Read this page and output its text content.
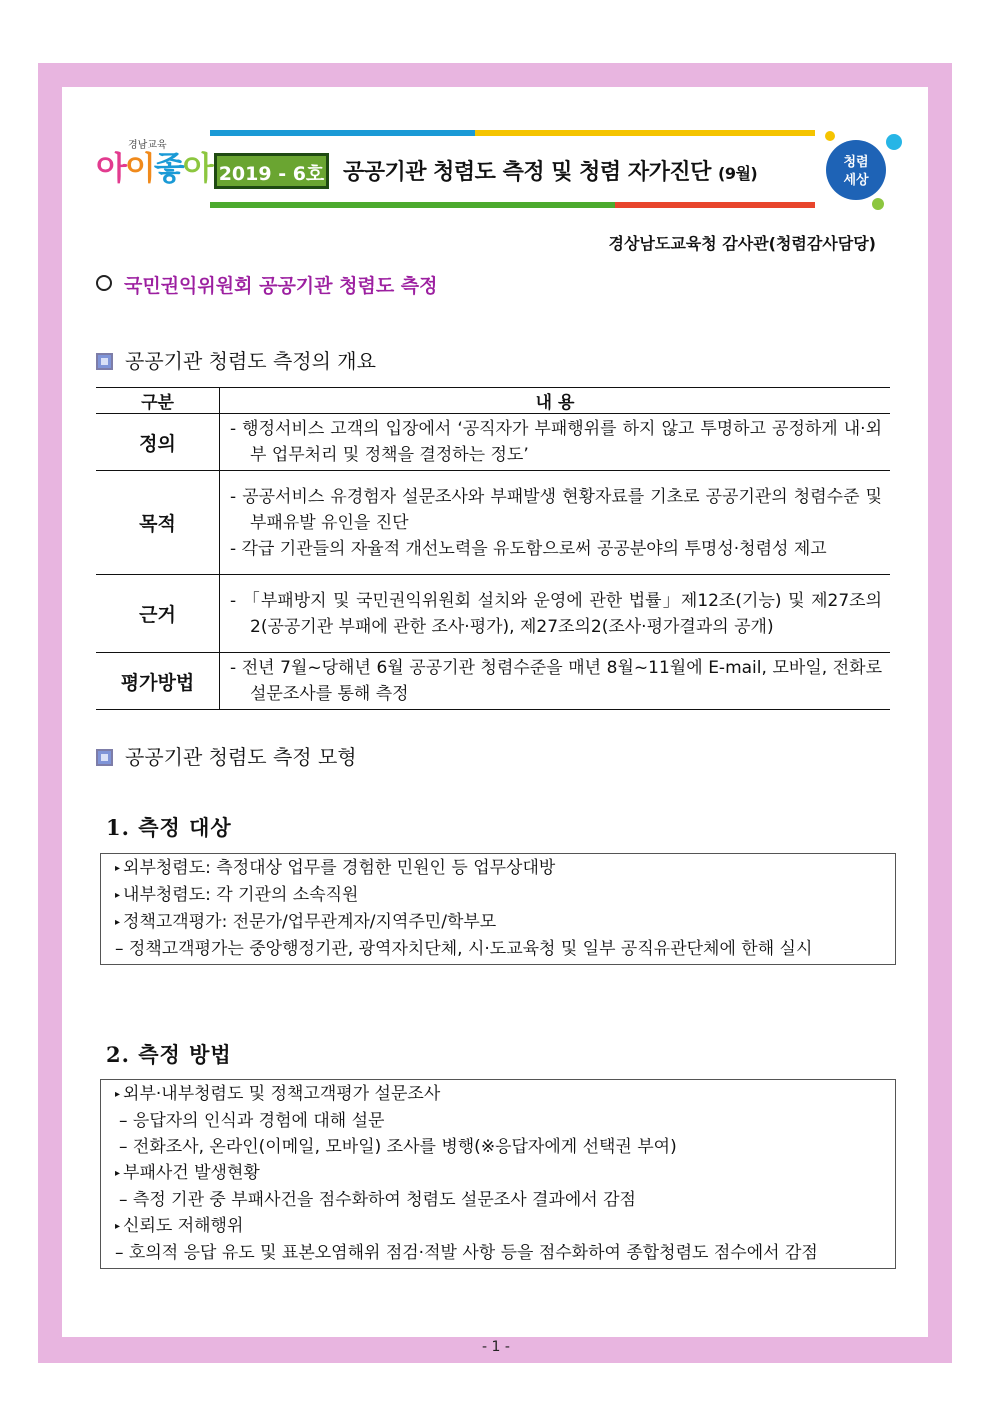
경남교육
아이좋아 2019 - 6호 공공기관 청렴도 측정 및 청렴 자가진단 (9월)
청렴
세상
경상남도교육청 감사관(청렴감사담당)
국민권익위원회 공공기관 청렴도 측정
공공기관 청렴도 측정의 개요
구분	내 용
정의	- 행정서비스 고객의 입장에서 ‘공직자가 부패행위를 하지 않고 투명하고 공정하게 내·외부 업무처리 및 정책을 결정하는 정도’

목적	- 공공서비스 유경험자 설문조사와 부패발생 현황자료를 기초로 공공기관의 청렴수준 및 부패유발 유인을 진단
- 각급 기관들의 자율적 개선노력을 유도함으로써 공공분야의 투명성·청렴성 제고

근거	- 「부패방지 및 국민권익위원회 설치와 운영에 관한 법률」제12조(기능) 및 제27조의2(공공기관 부패에 관한 조사·평가), 제27조의2(조사·평가결과의 공개)

평가방법	- 전년 7월~당해년 6월 공공기관 청렴수준을 매년 8월~11월에 E-mail, 모바일, 전화로 설문조사를 통해 측정
공공기관 청렴도 측정 모형
1. 측정 대상
▸ 외부청렴도: 측정대상 업무를 경험한 민원인 등 업무상대방
▸ 내부청렴도: 각 기관의 소속직원
▸ 정책고객평가: 전문가/업무관계자/지역주민/학부모
– 정책고객평가는 중앙행정기관, 광역자치단체, 시·도교육청 및 일부 공직유관단체에 한해 실시
2. 측정 방법
▸ 외부·내부청렴도 및 정책고객평가 설문조사
– 응답자의 인식과 경험에 대해 설문
– 전화조사, 온라인(이메일, 모바일) 조사를 병행(※응답자에게 선택권 부여)
▸ 부패사건 발생현황
– 측정 기관 중 부패사건을 점수화하여 청렴도 설문조사 결과에서 감점
▸ 신뢰도 저해행위
– 호의적 응답 유도 및 표본오염해위 점검·적발 사항 등을 점수화하여 종합청렴도 점수에서 감점
- 1 -
